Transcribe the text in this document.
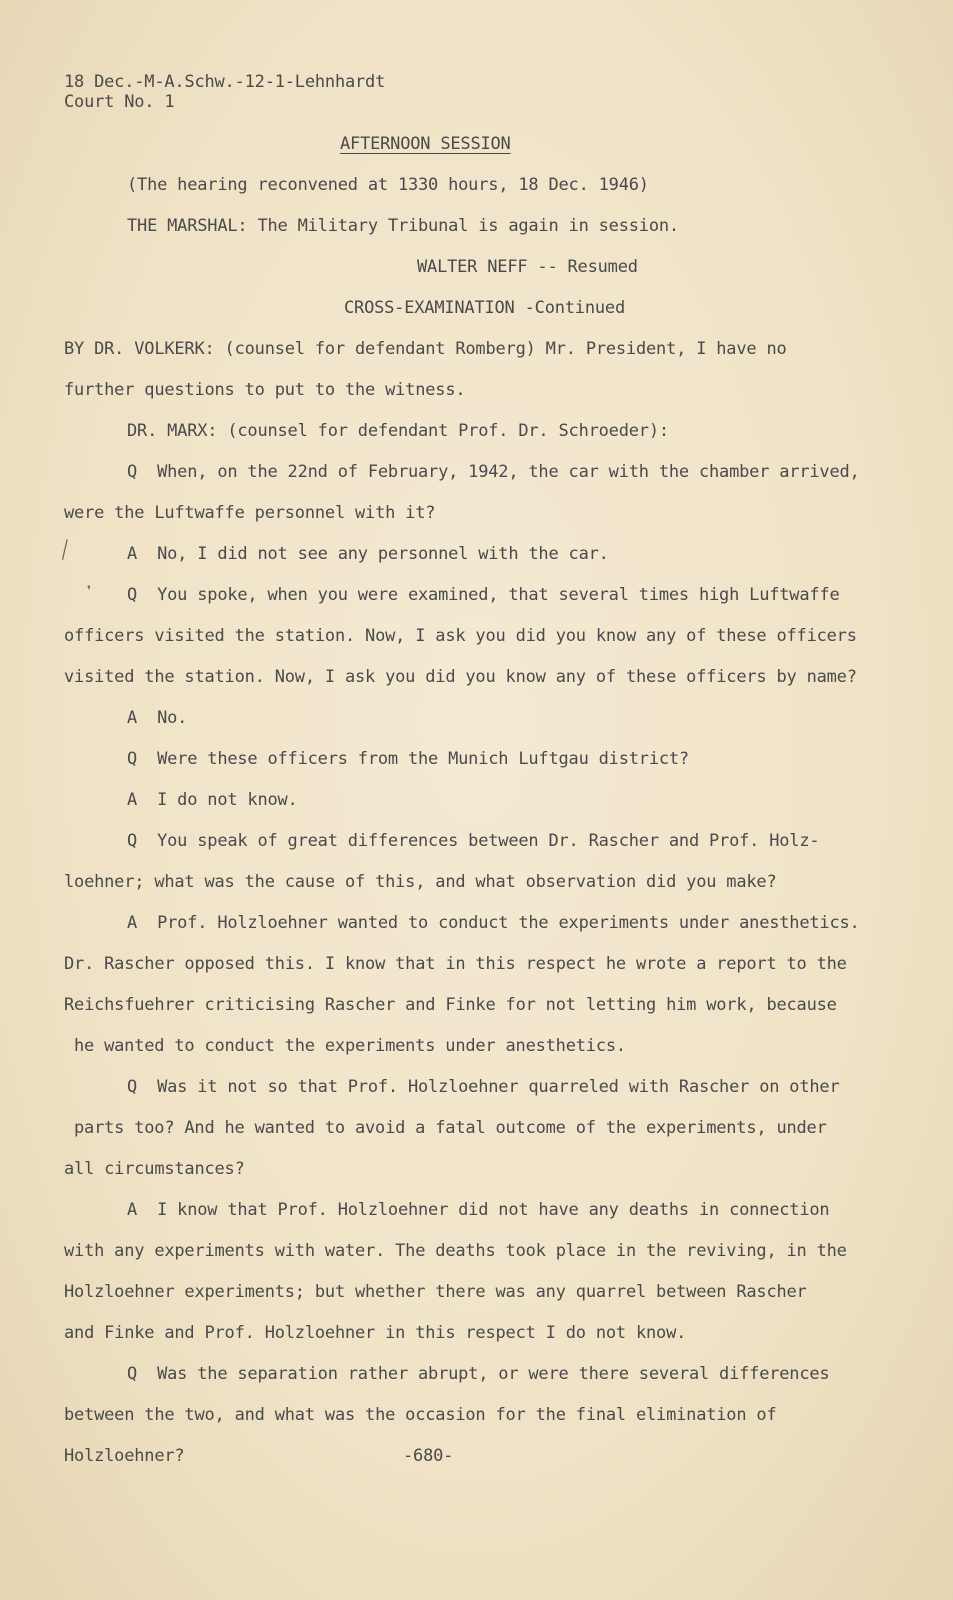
18 Dec.-M-A.Schw.-12-1-Lehnhardt
Court No. 1
AFTERNOON SESSION
(The hearing reconvened at 1330 hours, 18 Dec. 1946)
THE MARSHAL: The Military Tribunal is again in session.
WALTER NEFF -- Resumed
CROSS-EXAMINATION -Continued
BY DR. VOLKERK: (counsel for defendant Romberg) Mr. President, I have no
further questions to put to the witness.
DR. MARX: (counsel for defendant Prof. Dr. Schroeder):
Q  When, on the 22nd of February, 1942, the car with the chamber arrived,
were the Luftwaffe personnel with it?
A  No, I did not see any personnel with the car.
Q  You spoke, when you were examined, that several times high Luftwaffe
officers visited the station. Now, I ask you did you know any of these officers
visited the station. Now, I ask you did you know any of these officers by name?
A  No.
Q  Were these officers from the Munich Luftgau district?
A  I do not know.
Q  You speak of great differences between Dr. Rascher and Prof. Holz-
loehner; what was the cause of this, and what observation did you make?
A  Prof. Holzloehner wanted to conduct the experiments under anesthetics.
Dr. Rascher opposed this. I know that in this respect he wrote a report to the
Reichsfuehrer criticising Rascher and Finke for not letting him work, because
he wanted to conduct the experiments under anesthetics.
Q  Was it not so that Prof. Holzloehner quarreled with Rascher on other
parts too? And he wanted to avoid a fatal outcome of the experiments, under
all circumstances?
A  I know that Prof. Holzloehner did not have any deaths in connection
with any experiments with water. The deaths took place in the reviving, in the
Holzloehner experiments; but whether there was any quarrel between Rascher
and Finke and Prof. Holzloehner in this respect I do not know.
Q  Was the separation rather abrupt, or were there several differences
between the two, and what was the occasion for the final elimination of
Holzloehner?	-680-
╲
❜
